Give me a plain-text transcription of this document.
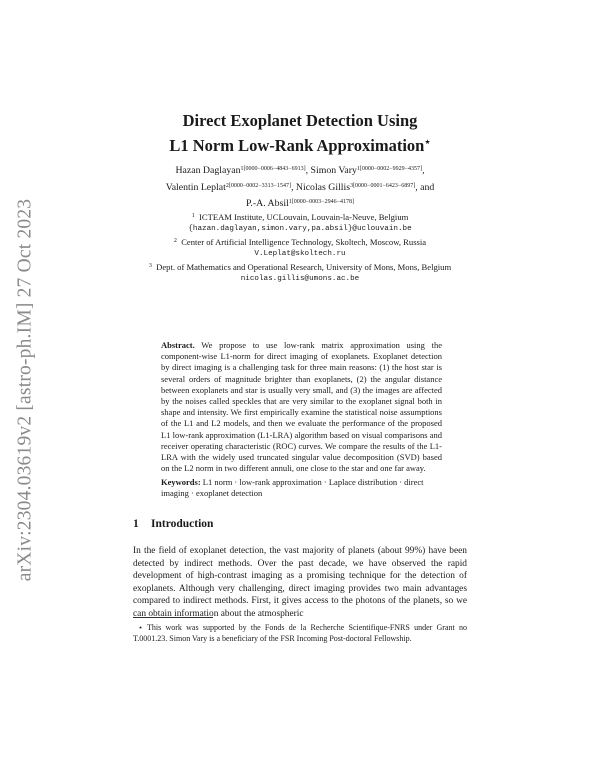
arXiv:2304.03619v2 [astro-ph.IM] 27 Oct 2023
Direct Exoplanet Detection Using
L1 Norm Low-Rank Approximation⋆
Hazan Daglayan$^{1[0000-0006-4843-6913]}$, Simon Vary$^{1[0000-0002-9929-4357]}$,
Valentin Leplat$^{2[0000-0002-3313-1547]}$, Nicolas Gillis$^{3[0000-0001-6423-6897]}$, and
P.-A. Absil$^{1[0000-0003-2946-4178]}$
$^1$ ICTEAM Institute, UCLouvain, Louvain-la-Neuve, Belgium
{hazan.daglayan,simon.vary,pa.absil}@uclouvain.be
$^2$ Center of Artificial Intelligence Technology, Skoltech, Moscow, Russia
V.Leplat@skoltech.ru
$^3$ Dept. of Mathematics and Operational Research, University of Mons, Mons, Belgium
nicolas.gillis@umons.ac.be
Abstract. We propose to use low-rank matrix approximation using the component-wise L1-norm for direct imaging of exoplanets. Exoplanet detection by direct imaging is a challenging task for three main reasons: (1) the host star is several orders of magnitude brighter than exoplanets, (2) the angular distance between exoplanets and star is usually very small, and (3) the images are affected by the noises called speckles that are very similar to the exoplanet signal both in shape and intensity. We first empirically examine the statistical noise assumptions of the L1 and L2 models, and then we evaluate the performance of the proposed L1 low-rank approximation (L1-LRA) algorithm based on visual comparisons and receiver operating characteristic (ROC) curves. We compare the results of the L1-LRA with the widely used truncated singular value decomposition (SVD) based on the L2 norm in two different annuli, one close to the star and one far away.
Keywords: L1 norm · low-rank approximation · Laplace distribution · direct imaging · exoplanet detection
1 Introduction
In the field of exoplanet detection, the vast majority of planets (about 99%) have been detected by indirect methods. Over the past decade, we have observed the rapid development of high-contrast imaging as a promising technique for the detection of exoplanets. Although very challenging, direct imaging provides two main advantages compared to indirect methods. First, it gives access to the photons of the planets, so we can obtain information about the atmospheric
⋆ This work was supported by the Fonds de la Recherche Scientifique-FNRS under Grant no T.0001.23. Simon Vary is a beneficiary of the FSR Incoming Post-doctoral Fellowship.
